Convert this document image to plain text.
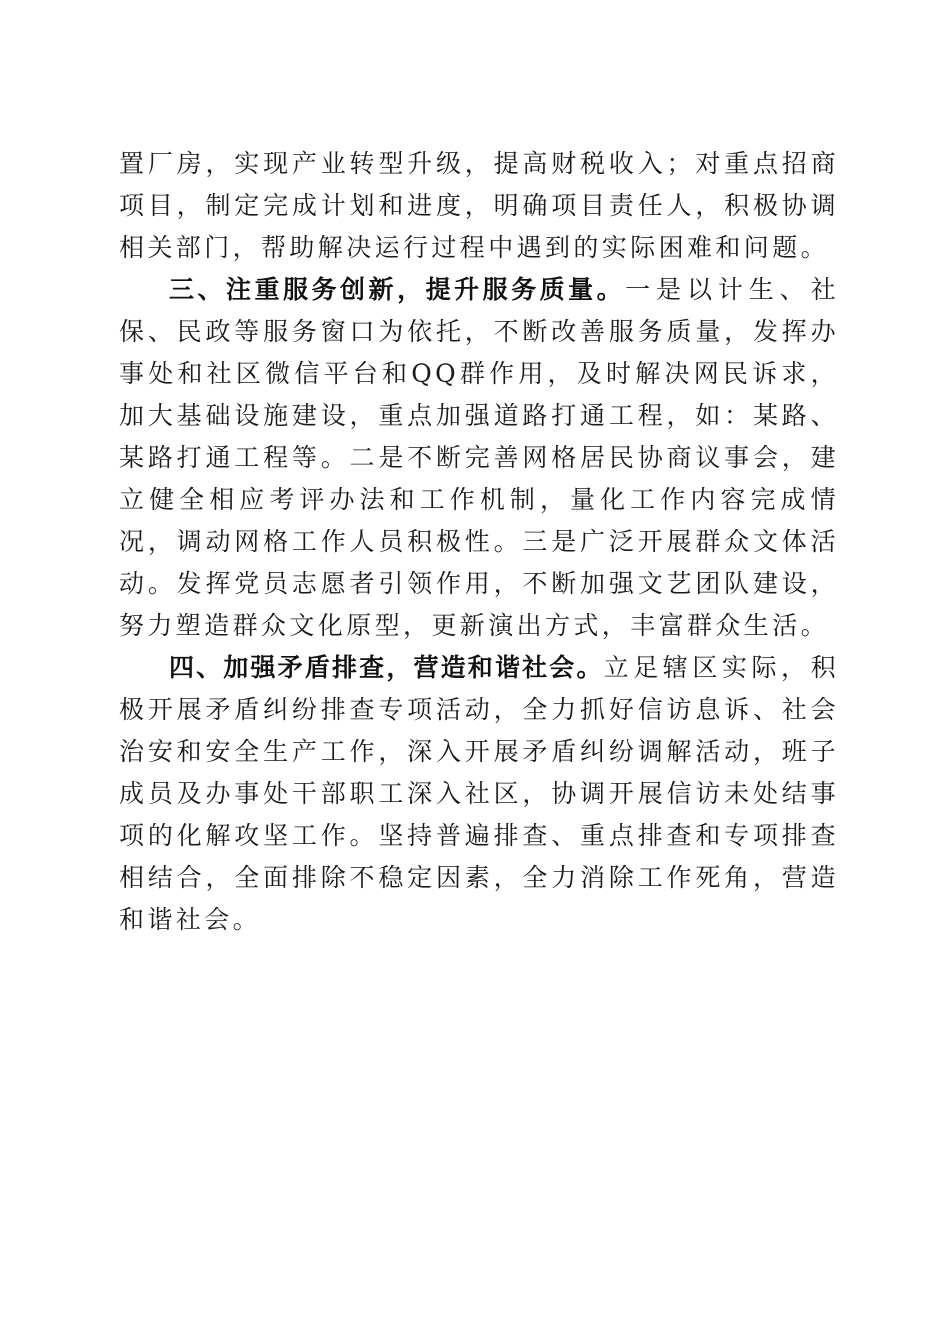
置厂房，实现产业转型升级，提高财税收入；对重点招商项目，制定完成计划和进度，明确项目责任人，积极协调相关部门，帮助解决运行过程中遇到的实际困难和问题。

三、注重服务创新，提升服务质量。一是以计生、社保、民政等服务窗口为依托，不断改善服务质量，发挥办事处和社区微信平台和QQ群作用，及时解决网民诉求，加大基础设施建设，重点加强道路打通工程，如：某路、某路打通工程等。二是不断完善网格居民协商议事会，建立健全相应考评办法和工作机制，量化工作内容完成情况，调动网格工作人员积极性。三是广泛开展群众文体活动。发挥党员志愿者引领作用，不断加强文艺团队建设，努力塑造群众文化原型，更新演出方式，丰富群众生活。

四、加强矛盾排查，营造和谐社会。立足辖区实际，积极开展矛盾纠纷排查专项活动，全力抓好信访息诉、社会治安和安全生产工作，深入开展矛盾纠纷调解活动，班子成员及办事处干部职工深入社区，协调开展信访未处结事项的化解攻坚工作。坚持普遍排查、重点排查和专项排查相结合，全面排除不稳定因素，全力消除工作死角，营造和谐社会。
